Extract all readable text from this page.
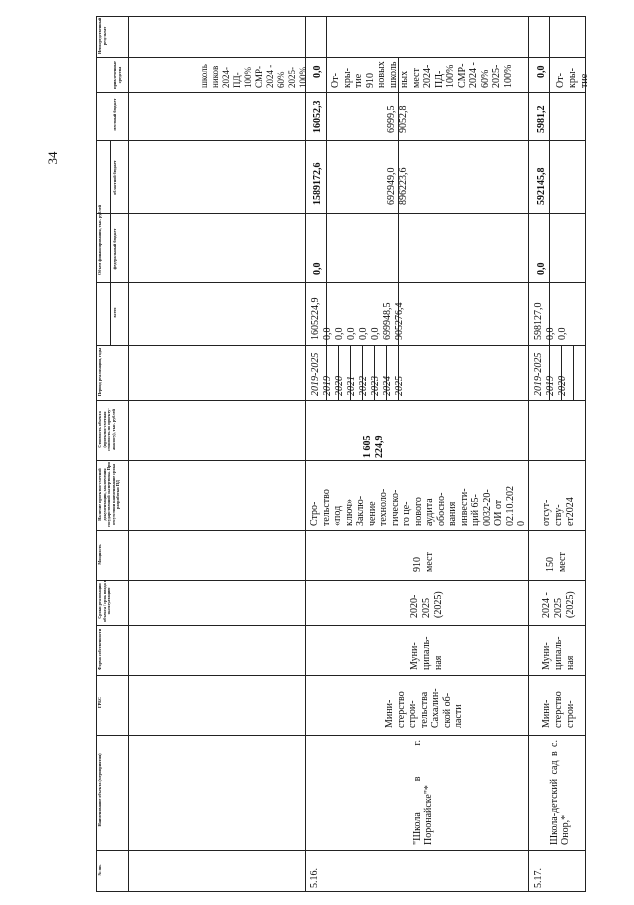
34
№ пп.
Наименование объекта (мероприятия)
ГРБС
Форма собственности
Сроки реализации объекта / срок ввода в эксплуатацию
Мощность
Наличие проектно-сметной документации, заключения государственной экспертизы. При отсутствии наименование срока разработки ПД
Стоимость объекта (проектно-сметная стоимость по проекту-аналогу), тыс. рублей
Период реализации, годы
Объем финансирования, тыс. рублей
всего
федеральный бюджет
областной бюджет
местный бюджет
привлеченные средства
Непосредственный результат
5.16.
"Школа в г. Поронайске"*
0,0
0,0
5.17.
Школа-детский сад в с. Онор,*
0,0
592145,8
5981,2
0,0
школь ников 2024- ПД- 100% СМР- 2024 - 60% 2025- 100%
Мини- стерство строи- тельства Сахалин- ской об- ласти
Муни- ципаль- ная
2020- 2025 (2025)
910 мест
Стро- тельство «под ключ» Заклю- чение техноло- гическо- го це- нового аудита обосно- вания инвести- ций 65- 0032-20- ОИ от 02.10.202 0
1 605 224,9
2019-2025 2019 2020 2021 2022 2023 2024 2025
1605224,9 0,0 0,0 0,0 0,0 0,0 699948,5 905276,4
1589172,6	692949,0 896223,6
16052,3	6999,5 9052,8
От- кры- тие 910 новых школь ных мест 2024- ПД- 100% СМР- 2024 - 60% 2025- 100%
Мини- стерство строи-
Муни- ципаль- ная
2024 - 2025 (2025)
150 мест
отсут- ству- ет2024
2019-2025 2019 2020
598127,0 0,0 0,0
От- кры- тие
